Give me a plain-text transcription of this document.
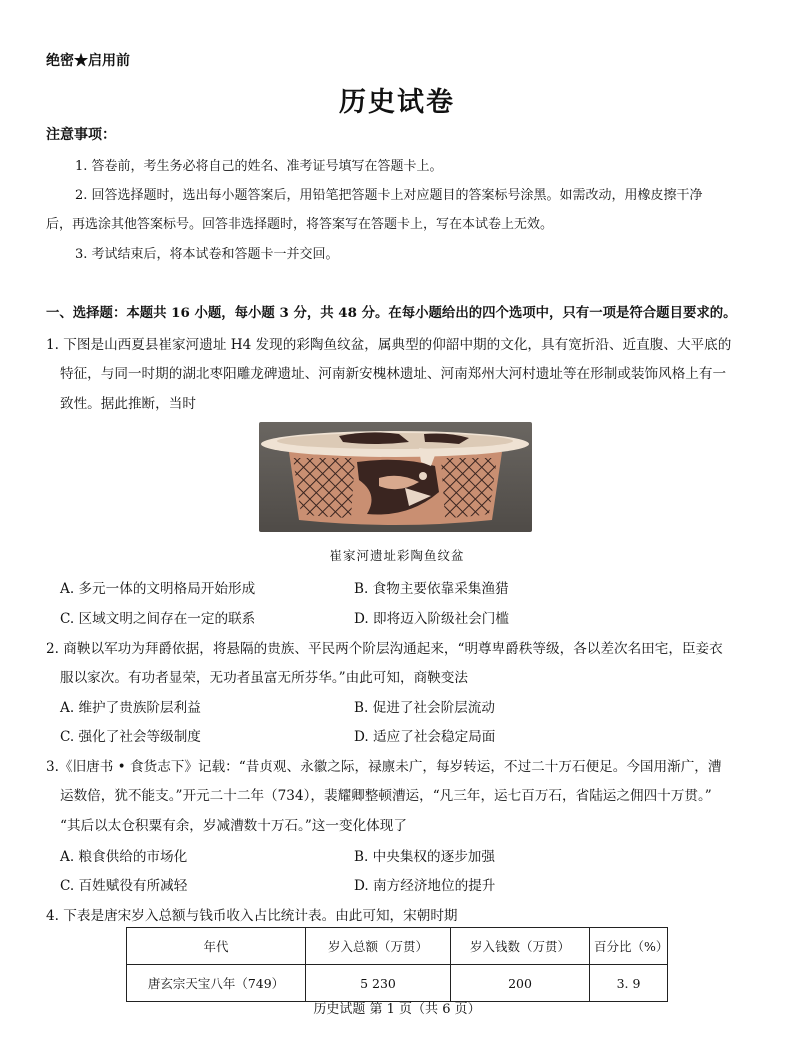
绝密★启用前
历史试卷
注意事项：
1. 答卷前，考生务必将自己的姓名、准考证号填写在答题卡上。
2. 回答选择题时，选出每小题答案后，用铅笔把答题卡上对应题目的答案标号涂黑。如需改动，用橡皮擦干净
后，再选涂其他答案标号。回答非选择题时，将答案写在答题卡上，写在本试卷上无效。
3. 考试结束后，将本试卷和答题卡一并交回。
一、选择题：本题共 16 小题，每小题 3 分，共 48 分。在每小题给出的四个选项中，只有一项是符合题目要求的。
1. 下图是山西夏县崔家河遗址 H4 发现的彩陶鱼纹盆，属典型的仰韶中期的文化，具有宽折沿、近直腹、大平底的
特征，与同一时期的湖北枣阳雕龙碑遗址、河南新安槐林遗址、河南郑州大河村遗址等在形制或装饰风格上有一
致性。据此推断，当时
崔家河遗址彩陶鱼纹盆
A. 多元一体的文明格局开始形成	B. 食物主要依靠采集渔猎
C. 区域文明之间存在一定的联系	D. 即将迈入阶级社会门槛
2. 商鞅以军功为拜爵依据，将悬隔的贵族、平民两个阶层沟通起来，“明尊卑爵秩等级，各以差次名田宅，臣妾衣
服以家次。有功者显荣，无功者虽富无所芬华。”由此可知，商鞅变法
A. 维护了贵族阶层利益	B. 促进了社会阶层流动
C. 强化了社会等级制度	D. 适应了社会稳定局面
3.《旧唐书 • 食货志下》记载：“昔贞观、永徽之际，禄廪未广，每岁转运，不过二十万石便足。今国用渐广，漕
运数倍，犹不能支。”开元二十二年（734），裴耀卿整顿漕运，“凡三年，运七百万石，省陆运之佣四十万贯。”
“其后以太仓积粟有余，岁减漕数十万石。”这一变化体现了
A. 粮食供给的市场化	B. 中央集权的逐步加强
C. 百姓赋役有所减轻	D. 南方经济地位的提升
4. 下表是唐宋岁入总额与钱币收入占比统计表。由此可知，宋朝时期
年代	岁入总额（万贯）	岁入钱数（万贯）	百分比（%）
唐玄宗天宝八年（749）	5 230	200	3. 9
历史试题 第 1 页（共 6 页）
